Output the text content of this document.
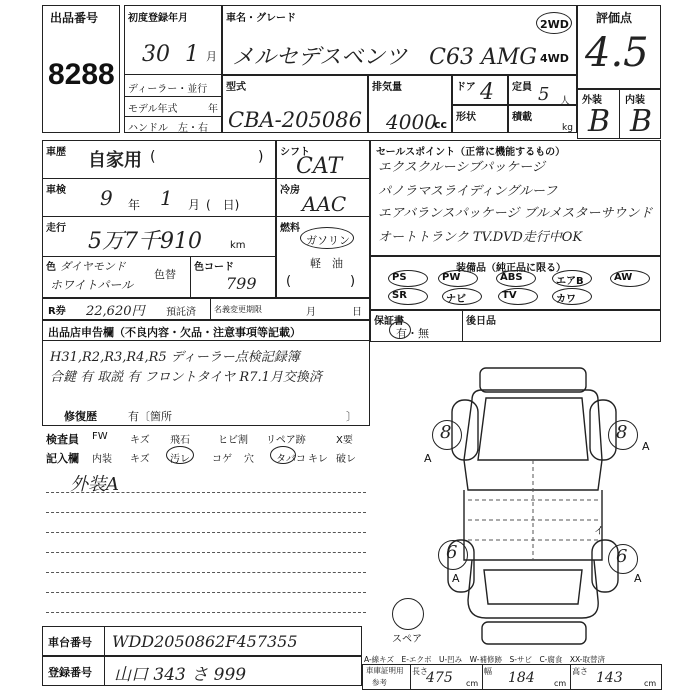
出品番号
8288
初度登録年月
30 1 月
ディーラー・並行
モデル年式	年
ハンドル　左・右
車名・グレード
メルセデスベンツ　C63 AMG
2WD
4WD
評価点
4.5
型式
CBA-205086
排気量
4000
cc
ドア 4 定員 5 人
形状	積載
kg
外装 内装
B B
車歴 自家用 (	)
車検 9 年 1 月 (　日)
走行
5万7千910	km
色 ダイヤモンド
ホワイトパール
色替
色コード
799
シフト
CAT
冷房
AAC
燃料
ガソリン
軽　油
(	)
セールスポイント（正常に機能するもの）
エクスクルーシブパッケージ
パノラマスライディングルーフ
エアバランスパッケージ ブルメスターサウンド
オートトランク TV.DVD走行中OK
装備品（純正品に限る）
PS	PW	ABS	エアB	AW
SR	ナビ	TV	カワ
R券 22,620円 預託済 名義変更期限	月	日
保証書
有・無
後日品
出品店申告欄（不良内容・欠品・注意事項等記載）
H31,R2,R3,R4,R5 ディーラー点検記録簿
合鍵 有 取説 有 フロントタイヤ R7.1月交換済
修復歴	有〔箇所	〕
検査員 FW キズ 飛石	ヒビ割 リペア跡	X要
記入欄 内装 キズ 汚レ コゲ 穴 タバコ キレ 破レ
外装A
8
A
8
A
6
A
6
A
イ
スペア
車台番号 WDD2050862F457355
登録番号 山口 343 さ 999
A-線キズ　E-エクボ　U-凹み　W-補修跡　S-サビ　C-腐食　XX-取替済
車庫証明用
参考
長さ
475 cm
幅 184 cm
高さ 143	cm
